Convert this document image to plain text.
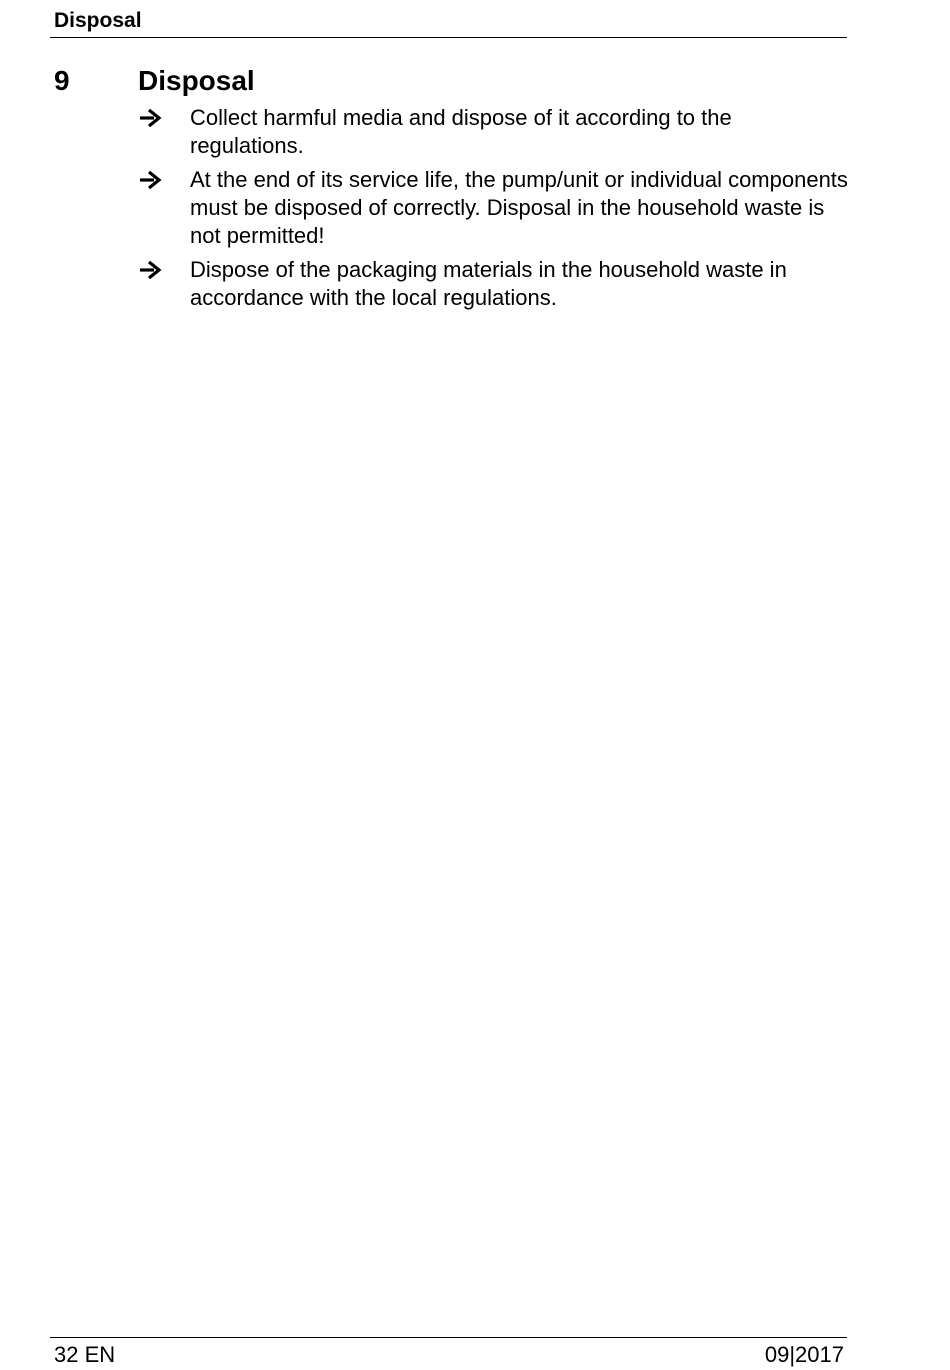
Disposal
9 Disposal
Collect harmful media and dispose of it according to the regulations.
At the end of its service life, the pump/unit or individual components must be disposed of correctly. Disposal in the household waste is not permitted!
Dispose of the packaging materials in the household waste in accordance with the local regulations.
32 EN	09|2017
